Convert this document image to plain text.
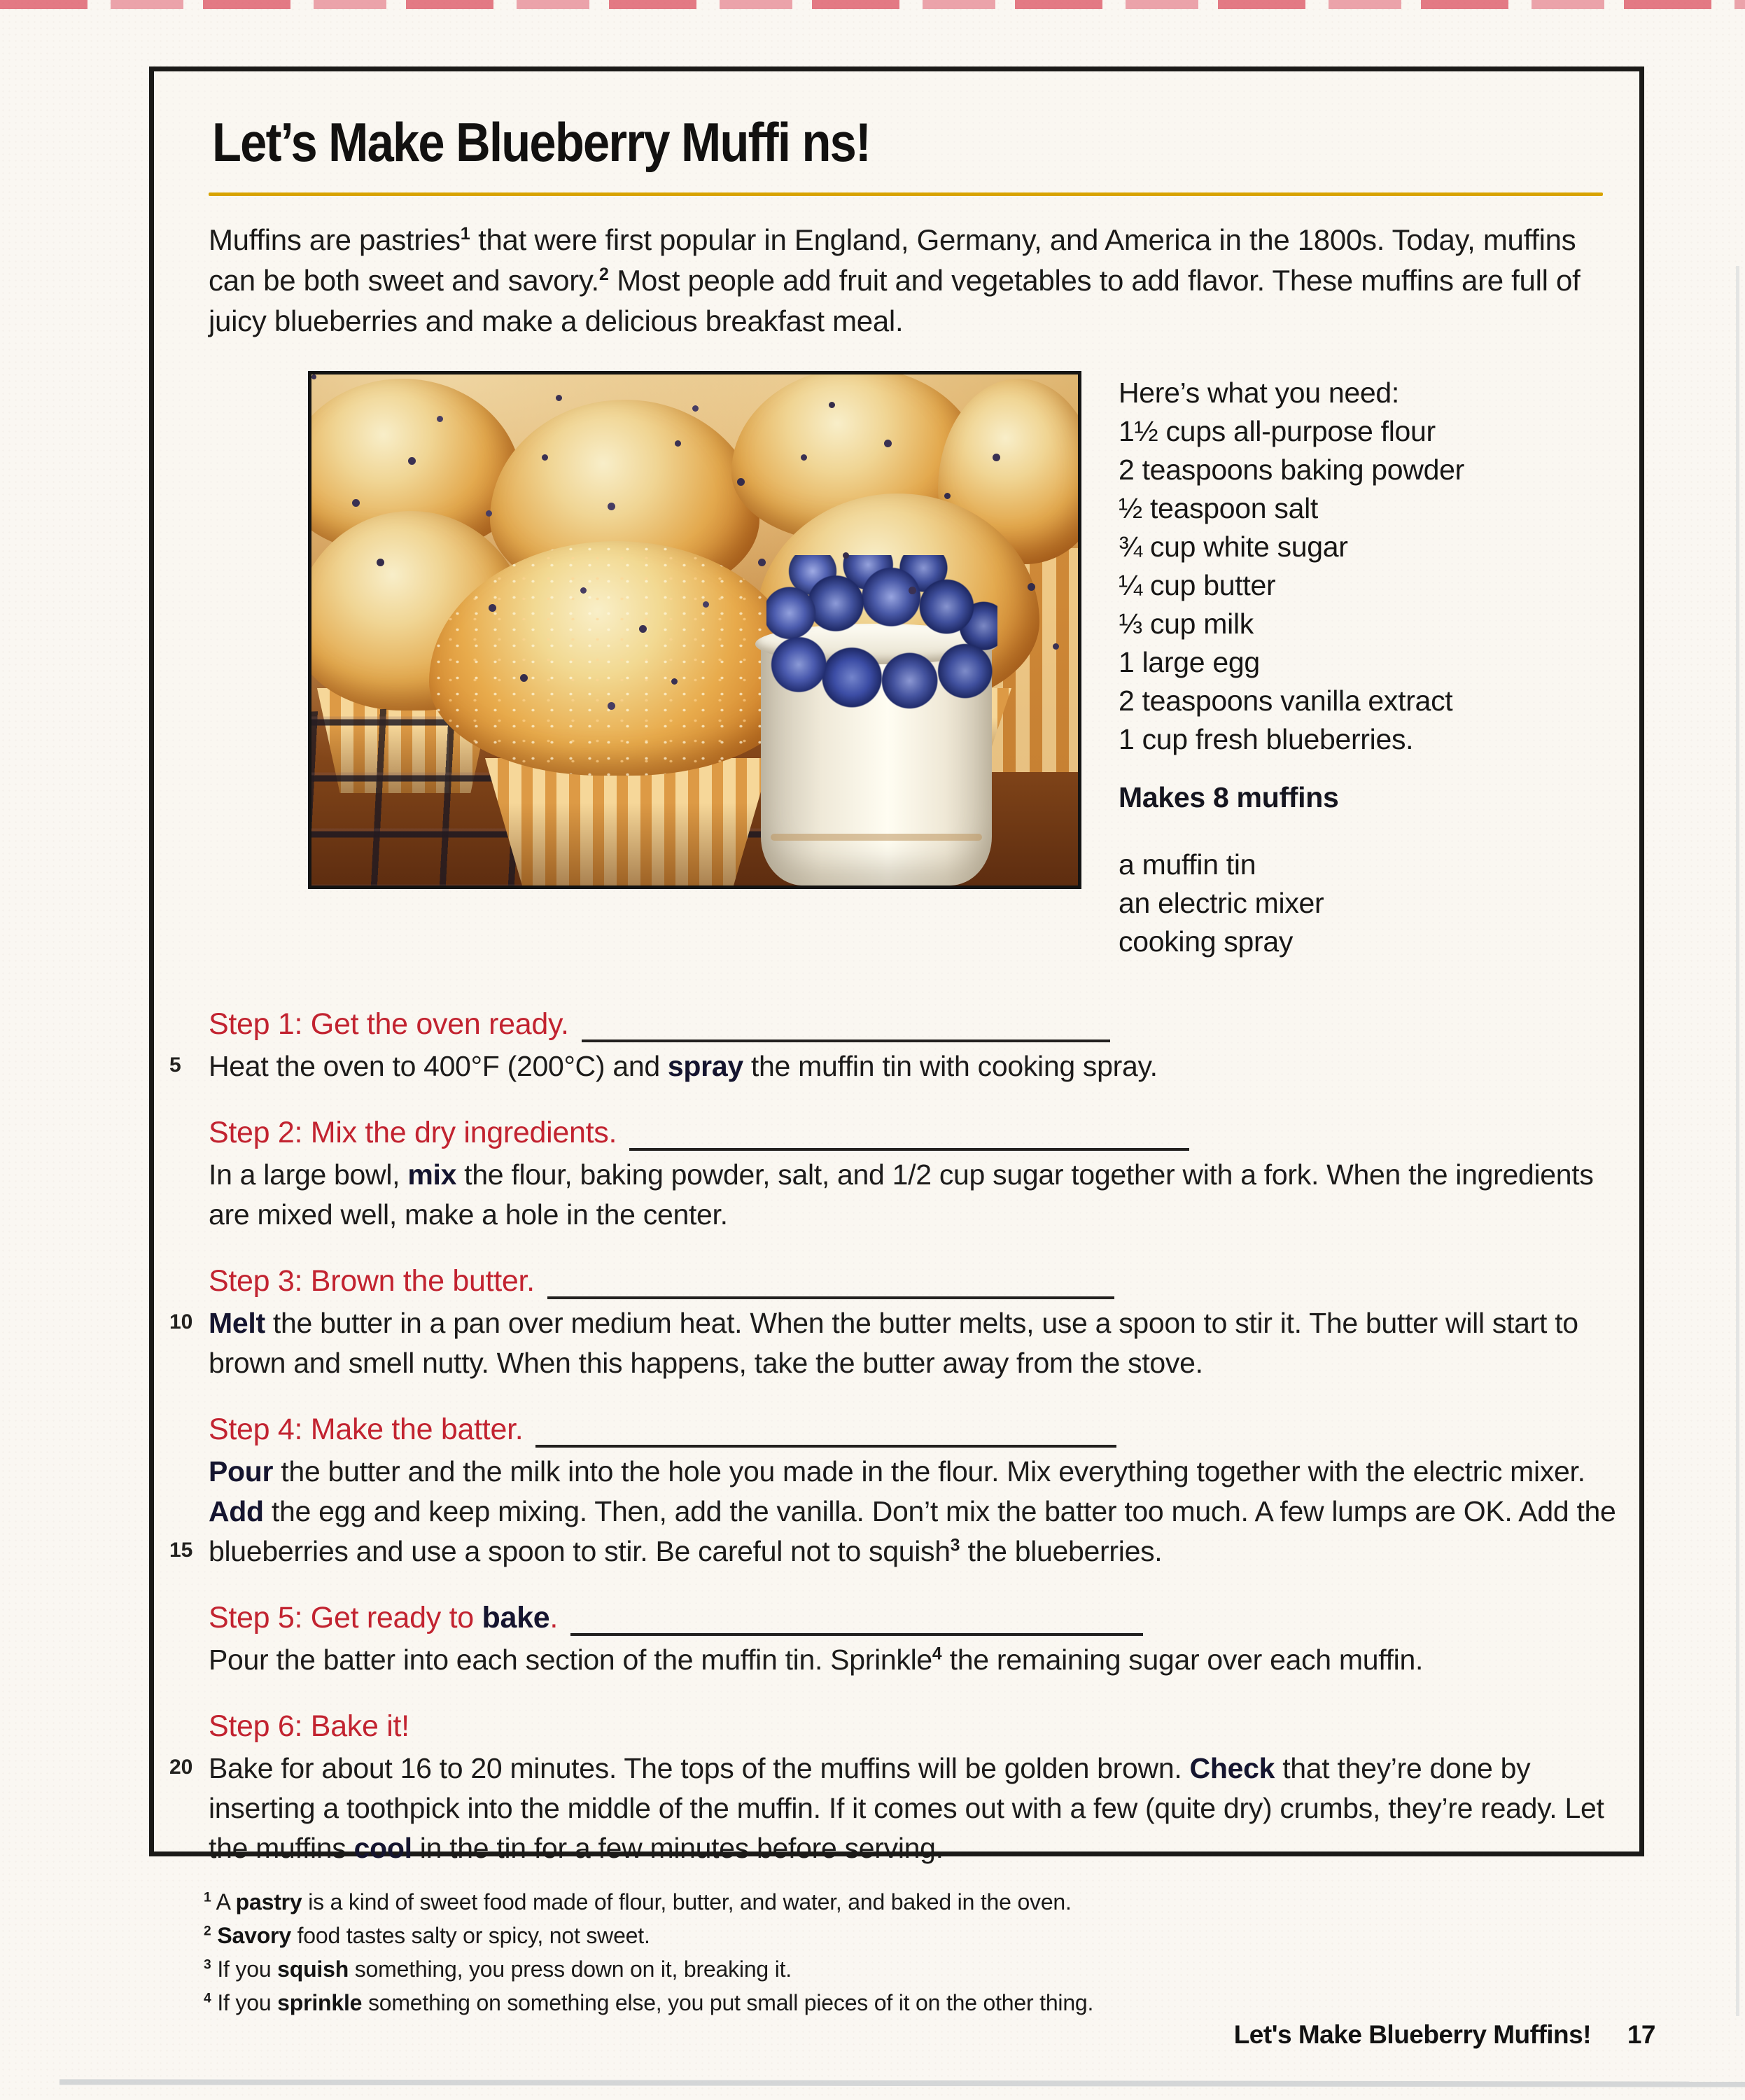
Let’s Make Blueberry Muffi ns!

Muffins are pastries$^1$ that were first popular in England, Germany, and America in the 1800s. Today, muffins can be both sweet and savory.$^2$ Most people add fruit and vegetables to add flavor. These muffins are full of juicy blueberries and make a delicious breakfast meal.

Here’s what you need:

1½ cups all-purpose flour
2 teaspoons baking powder
½ teaspoon salt
¾ cup white sugar
¼ cup butter
⅓ cup milk
1 large egg
2 teaspoons vanilla extract
1 cup fresh blueberries.

Makes 8 muffins

a muffin tin
an electric mixer
cooking spray
Step 1: Get the oven ready.
5 Heat the oven to 400°F (200°C) and spray the muffin tin with cooking spray.

Step 2: Mix the dry ingredients.

In a large bowl, mix the flour, baking powder, salt, and 1/2 cup sugar together with a fork. When the ingredients are mixed well, make a hole in the center.

Step 3: Brown the butter.
10 Melt the butter in a pan over medium heat. When the butter melts, use a spoon to stir it. The butter will start to brown and smell nutty. When this happens, take the butter away from the stove.

Step 4: Make the batter.
15

Pour the butter and the milk into the hole you made in the flour. Mix everything together with the electric mixer. Add the egg and keep mixing. Then, add the vanilla. Don’t mix the batter too much. A few lumps are OK. Add the blueberries and use a spoon to stir. Be careful not to squish$^3$ the blueberries.

Step 5: Get ready to bake.

Pour the batter into each section of the muffin tin. Sprinkle$^4$ the remaining sugar over each muffin.

Step 6: Bake it!
20 Bake for about 16 to 20 minutes. The tops of the muffins will be golden brown. Check that they’re done by inserting a toothpick into the middle of the muffin. If it comes out with a few (quite dry) crumbs, they’re ready. Let the muffins cool in the tin for a few minutes before serving.

$^1$ A pastry is a kind of sweet food made of flour, butter, and water, and baked in the oven.

$^2$ Savory food tastes salty or spicy, not sweet.

$^3$ If you squish something, you press down on it, breaking it.

$^4$ If you sprinkle something on something else, you put small pieces of it on the other thing.

Let's Make Blueberry Muffins! 17
